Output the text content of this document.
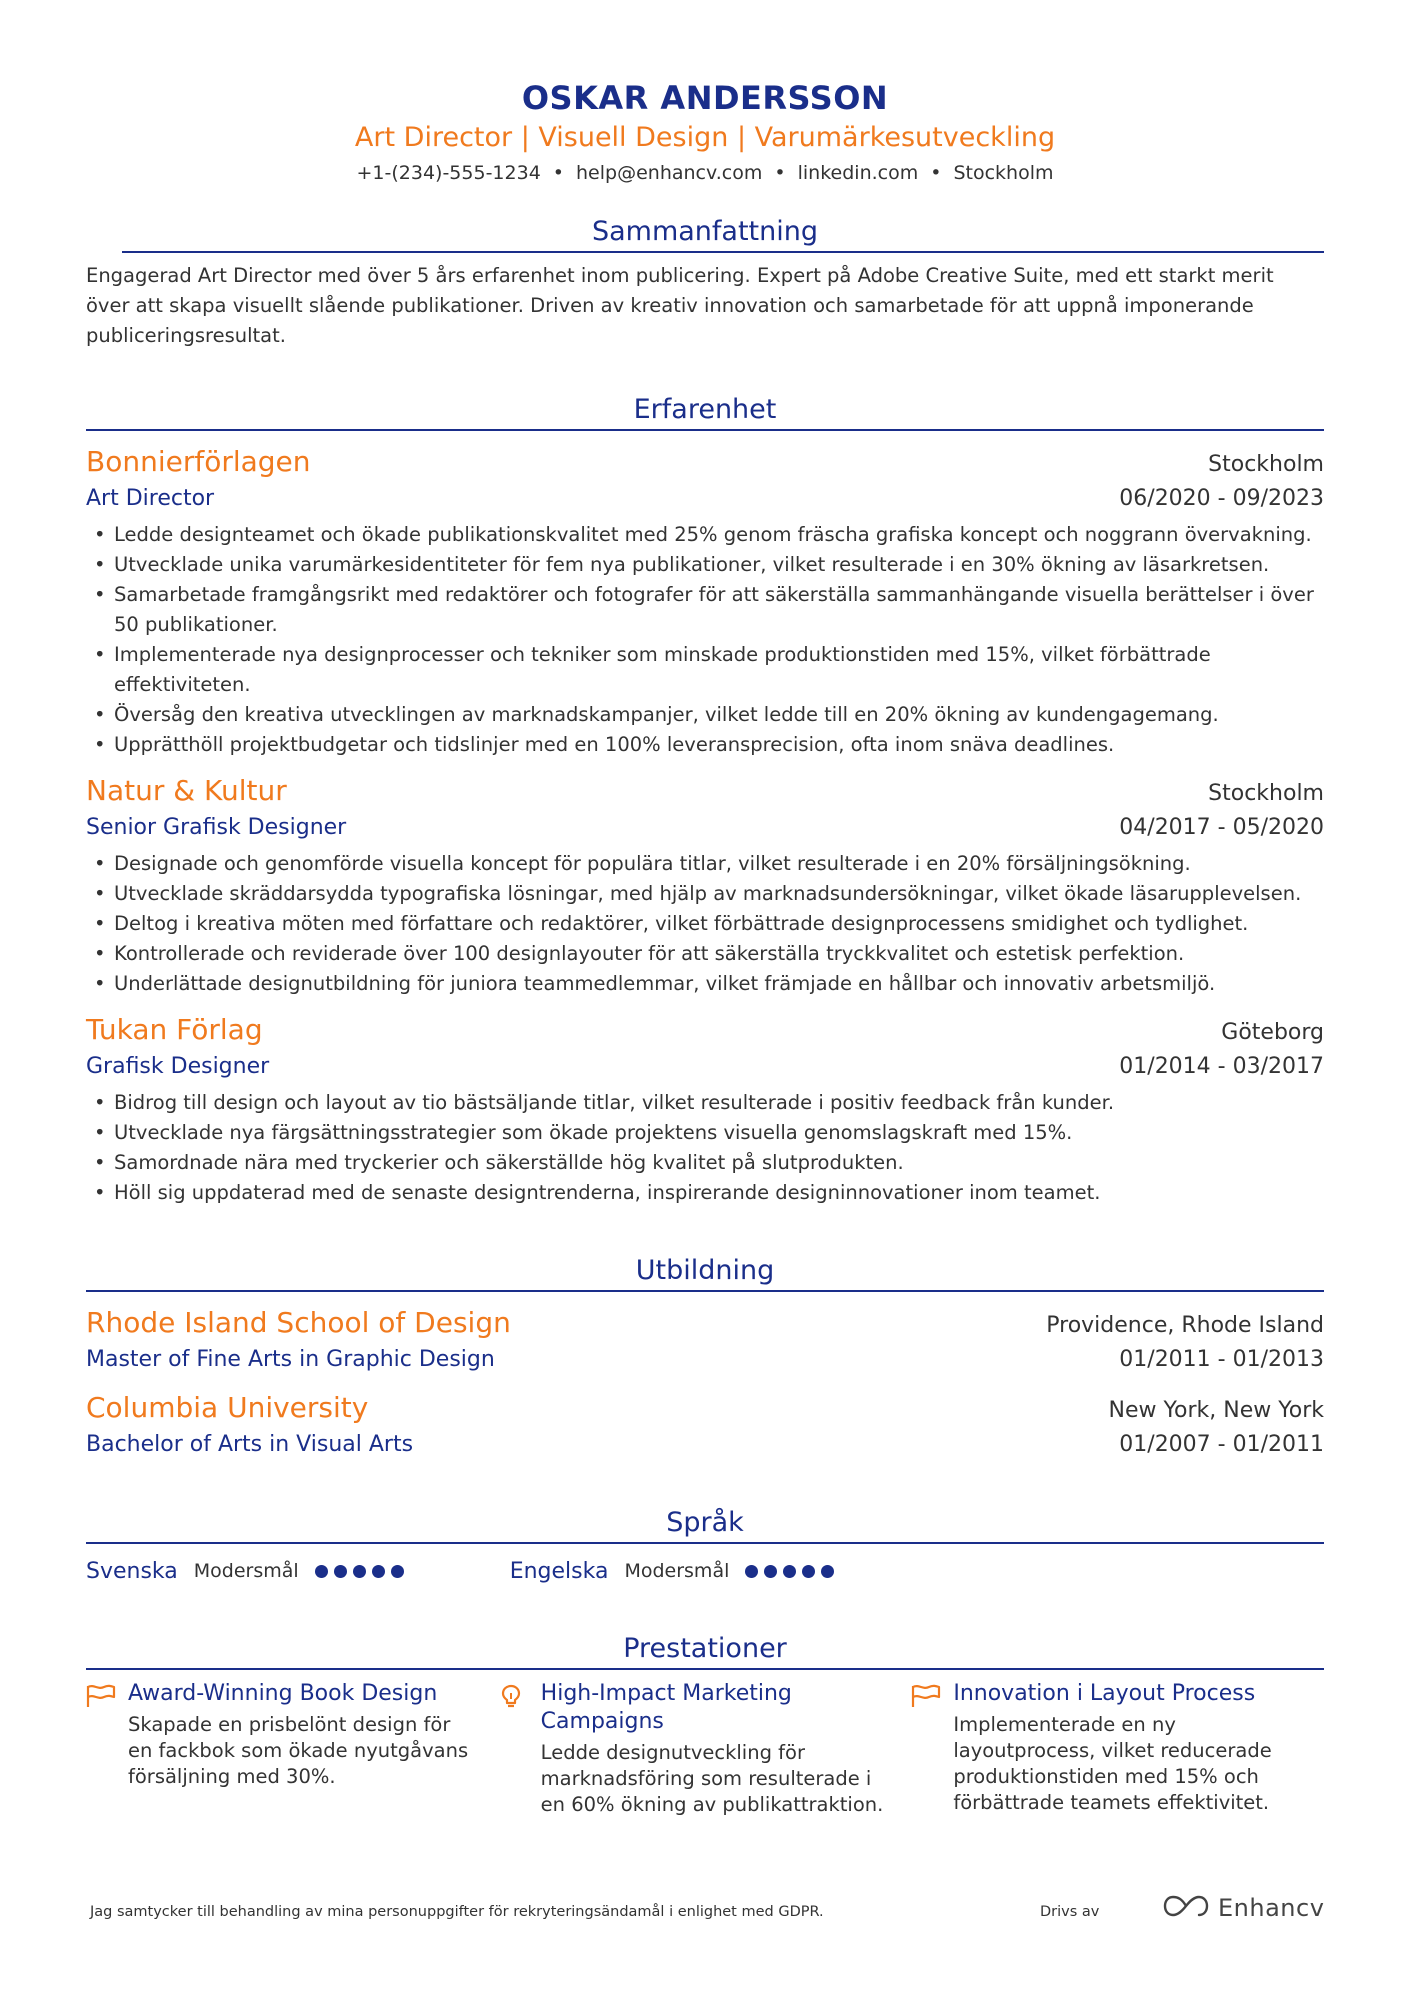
OSKAR ANDERSSON
Art Director | Visuell Design | Varumärkesutveckling
+1-(234)-555-1234 • help@enhancv.com • linkedin.com • Stockholm
Sammanfattning
Engagerad Art Director med över 5 års erfarenhet inom publicering. Expert på Adobe Creative Suite, med ett starkt merit över att skapa visuellt slående publikationer. Driven av kreativ innovation och samarbetade för att uppnå imponerande publiceringsresultat.
Erfarenhet
Bonnierförlagen	Stockholm
Art Director	06/2020 - 09/2023
• Ledde designteamet och ökade publikationskvalitet med 25% genom fräscha grafiska koncept och noggrann övervakning.
• Utvecklade unika varumärkesidentiteter för fem nya publikationer, vilket resulterade i en 30% ökning av läsarkretsen.
• Samarbetade framgångsrikt med redaktörer och fotografer för att säkerställa sammanhängande visuella berättelser i över 50 publikationer.
• Implementerade nya designprocesser och tekniker som minskade produktionstiden med 15%, vilket förbättrade effektiviteten.
• Översåg den kreativa utvecklingen av marknadskampanjer, vilket ledde till en 20% ökning av kundengagemang.
• Upprätthöll projektbudgetar och tidslinjer med en 100% leveransprecision, ofta inom snäva deadlines.
Natur & Kultur	Stockholm
Senior Grafisk Designer	04/2017 - 05/2020
• Designade och genomförde visuella koncept för populära titlar, vilket resulterade i en 20% försäljningsökning.
• Utvecklade skräddarsydda typografiska lösningar, med hjälp av marknadsundersökningar, vilket ökade läsarupplevelsen.
• Deltog i kreativa möten med författare och redaktörer, vilket förbättrade designprocessens smidighet och tydlighet.
• Kontrollerade och reviderade över 100 designlayouter för att säkerställa tryckkvalitet och estetisk perfektion.
• Underlättade designutbildning för juniora teammedlemmar, vilket främjade en hållbar och innovativ arbetsmiljö.
Tukan Förlag	Göteborg
Grafisk Designer	01/2014 - 03/2017
• Bidrog till design och layout av tio bästsäljande titlar, vilket resulterade i positiv feedback från kunder.
• Utvecklade nya färgsättningsstrategier som ökade projektens visuella genomslagskraft med 15%.
• Samordnade nära med tryckerier och säkerställde hög kvalitet på slutprodukten.
• Höll sig uppdaterad med de senaste designtrenderna, inspirerande designinnovationer inom teamet.
Utbildning
Rhode Island School of Design	Providence, Rhode Island
Master of Fine Arts in Graphic Design	01/2011 - 01/2013
Columbia University	New York, New York
Bachelor of Arts in Visual Arts	01/2007 - 01/2011
Språk
Svenska Modersmål	Engelska Modersmål
Prestationer
Award-Winning Book Design
Skapade en prisbelönt design för en fackbok som ökade nyutgåvans försäljning med 30%.
High-Impact Marketing Campaigns
Ledde designutveckling för marknadsföring som resulterade i en 60% ökning av publikattraktion.
Innovation i Layout Process
Implementerade en ny layoutprocess, vilket reducerade produktionstiden med 15% och förbättrade teamets effektivitet.
Jag samtycker till behandling av mina personuppgifter för rekryteringsändamål i enlighet med GDPR.	Drivs av	Enhancv
